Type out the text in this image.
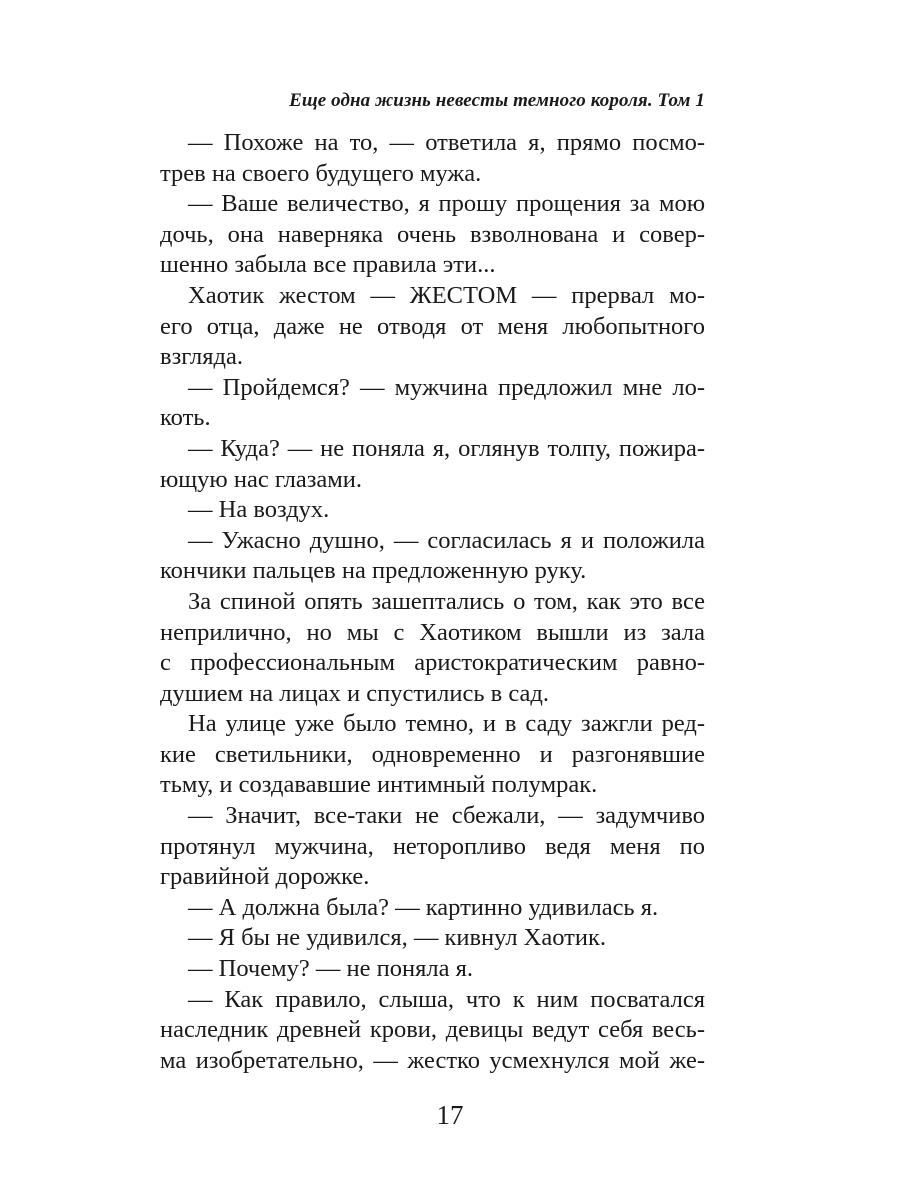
Еще одна жизнь невесты темного короля. Том 1
— Похоже на то, — ответила я, прямо посмо-
трев на своего будущего мужа.
— Ваше величество, я прошу прощения за мою
дочь, она наверняка очень взволнована и совер-
шенно забыла все правила эти...
Хаотик жестом — ЖЕСТОМ — прервал мо-
его отца, даже не отводя от меня любопытного
взгляда.
— Пройдемся? — мужчина предложил мне ло-
коть.
— Куда? — не поняла я, оглянув толпу, пожира-
ющую нас глазами.
— На воздух.
— Ужасно душно, — согласилась я и положила
кончики пальцев на предложенную руку.
За спиной опять зашептались о том, как это все
неприлично, но мы с Хаотиком вышли из зала
с профессиональным аристократическим равно-
душием на лицах и спустились в сад.
На улице уже было темно, и в саду зажгли ред-
кие светильники, одновременно и разгонявшие
тьму, и создававшие интимный полумрак.
— Значит, все-таки не сбежали, — задумчиво
протянул мужчина, неторопливо ведя меня по
гравийной дорожке.
— А должна была? — картинно удивилась я.
— Я бы не удивился, — кивнул Хаотик.
— Почему? — не поняла я.
— Как правило, слыша, что к ним посватался
наследник древней крови, девицы ведут себя весь-
ма изобретательно, — жестко усмехнулся мой же-
17
